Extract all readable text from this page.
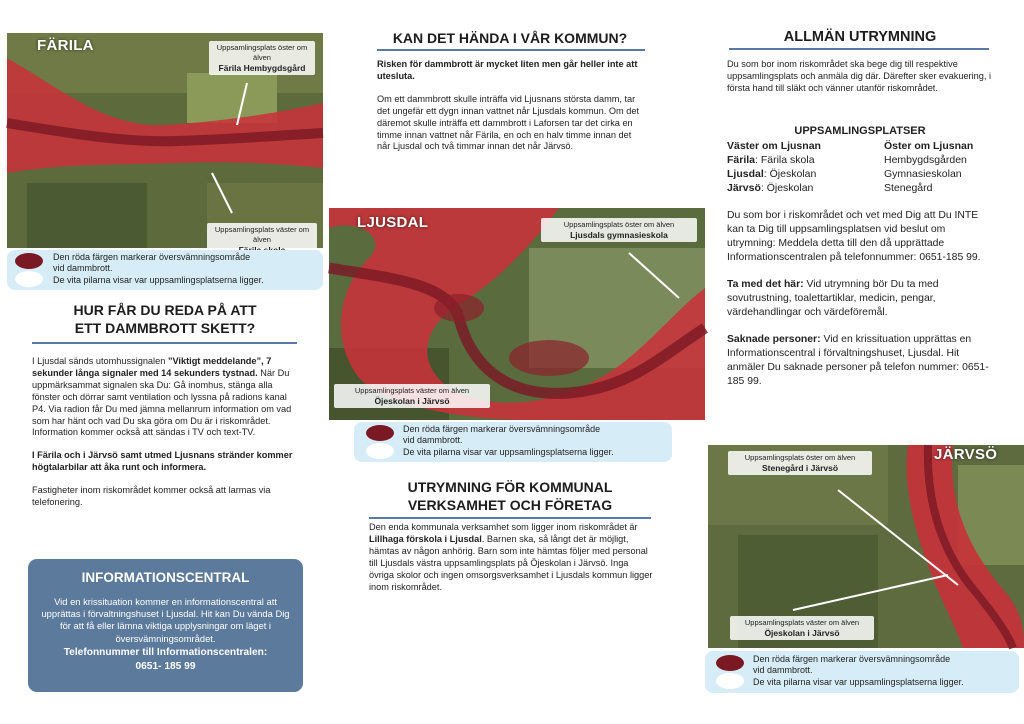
FÄRILA	Uppsamlingsplats öster om älven
Färila Hembygdsgård
Uppsamlingsplats väster om älven
Den röda färgen markerar översvämningsområde
vid dammbrott.
De vita pilarna visar var uppsamlingsplatserna ligger.
HUR FÅR DU REDA PÅ ATT
ETT DAMMBROTT SKETT?

I Ljusdal sänds utomhussignalen ”Viktigt meddelande”, 7 sekunder långa signaler med 14 sekunders tystnad. När Du uppmärksammat signalen ska Du: Gå inomhus, stänga alla fönster och dörrar samt ventilation och lyssna på radions kanal P4. Via radion får Du med jämna mellanrum information om vad som har hänt och vad Du ska göra om Du är i riskområdet. Information kommer också att sändas i TV och text-TV.

I Färila och i Järvsö samt utmed Ljusnans stränder kommer högtalarbilar att åka runt och informera.

Fastigheter inom riskområdet kommer också att larmas via telefonering.

INFORMATIONSCENTRAL
Vid en krissituation kommer en informationscentral att upprättas i förvaltningshuset i Ljusdal. Hit kan Du vända Dig för att få eller lämna viktiga upplysningar om läget i översvämningsområdet.
Telefonnummer till Informationscentralen:
0651- 185 99
KAN DET HÄNDA I VÅR KOMMUN?

Risken för dammbrott är mycket liten men går heller inte att utesluta.

Om ett dammbrott skulle inträffa vid Ljusnans största damm, tar det ungefär ett dygn innan vattnet når Ljusdals kommun. Om det däremot skulle inträffa ett dammbrott i Laforsen tar det cirka en timme innan vattnet når Färila, en och en halv timme innan det når Ljusdal och två timmar innan det når Järvsö.

LJUSDAL	Uppsamlingsplats öster om älven
Ljusdals gymnasieskola
Uppsamlingsplats väster om älven
Öjeskolan i Järvsö
Den röda färgen markerar översvämningsområde
vid dammbrott.
De vita pilarna visar var uppsamlingsplatserna ligger.
UTRYMNING FÖR KOMMUNAL
VERKSAMHET OCH FÖRETAG

Den enda kommunala verksamhet som ligger inom riskområdet är Lillhaga förskola i Ljusdal. Barnen ska, så långt det är möjligt, hämtas av någon anhörig. Barn som inte hämtas följer med personal till Ljusdals västra uppsamlingsplats på Öjeskolan i Järvsö. Inga övriga skolor och ingen omsorgsverksamhet i Ljusdals kommun ligger inom riskområdet.

ALLMÄN UTRYMNING
Du som bor inom riskområdet ska bege dig till respektive uppsamlingsplats och anmäla dig där. Därefter sker evakuering, i första hand till släkt och vänner utanför riskområdet.
UPPSAMLINGSPLATSER
Väster om Ljusnan	Öster om Ljusnan
Färila: Färila skola	Hembygdsgården
Ljusdal: Öjeskolan	Gymnasieskolan
Järvsö: Öjeskolan	Stenegård

Du som bor i riskområdet och vet med Dig att Du INTE kan ta Dig till uppsamlingsplatsen vid beslut om utrymning: Meddela detta till den då upprättade Informationscentralen på telefonnummer: 0651-185 99.

Ta med det här: Vid utrymning bör Du ta med sovutrustning, toalettartiklar, medicin, pengar, värdehandlingar och värdeföremål.

Saknade personer: Vid en krissituation upprättas en Informationscentral i förvaltningshuset, Ljusdal. Hit anmäler Du saknade personer på telefon nummer: 0651-185 99.

JÄRVSÖ
Uppsamlingsplats öster om älven
Stenegård i Järvsö
Uppsamlingsplats väster om älven
Öjeskolan i Järvsö
Den röda färgen markerar översvämningsområde
vid dammbrott.
De vita pilarna visar var uppsamlingsplatserna ligger.
